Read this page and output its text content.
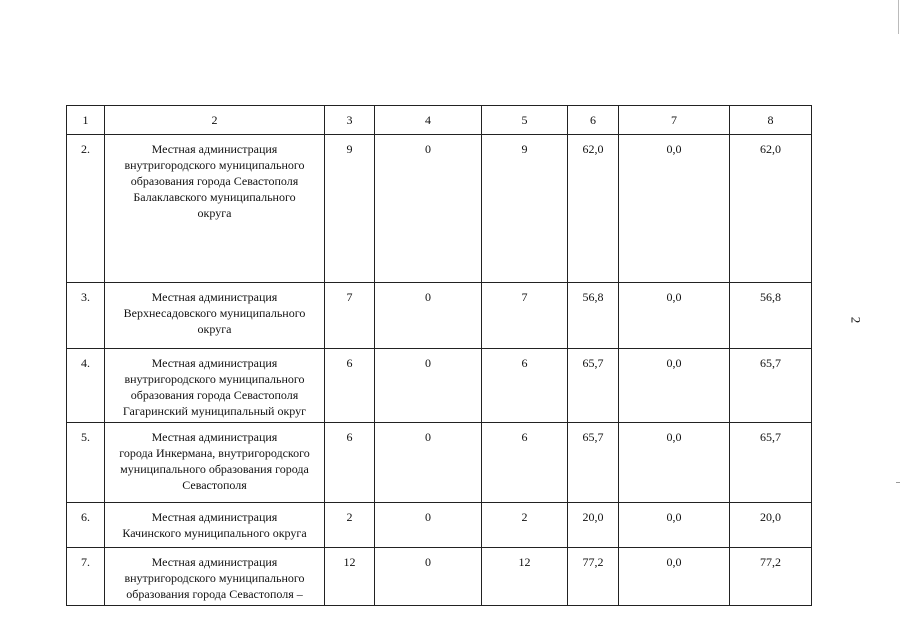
2
1	2	3	4	5	6	7	8
2.	Местная администрация
внутригородского муниципального
образования города Севастополя
Балаклавского муниципального
округа	9	0	9	62,0	0,0	62,0
3.	Местная администрация
Верхнесадовского муниципального
округа	7	0	7	56,8	0,0	56,8
4.	Местная администрация
внутригородского муниципального
образования города Севастополя
Гагаринский муниципальный округ	6	0	6	65,7	0,0	65,7
5.	Местная администрация
города Инкермана, внутригородского
муниципального образования города
Севастополя	6	0	6	65,7	0,0	65,7
6.	Местная администрация
Качинского муниципального округа	2	0	2	20,0	0,0	20,0
7.	Местная администрация
внутригородского муниципального
образования города Севастополя –	12	0	12	77,2	0,0	77,2
